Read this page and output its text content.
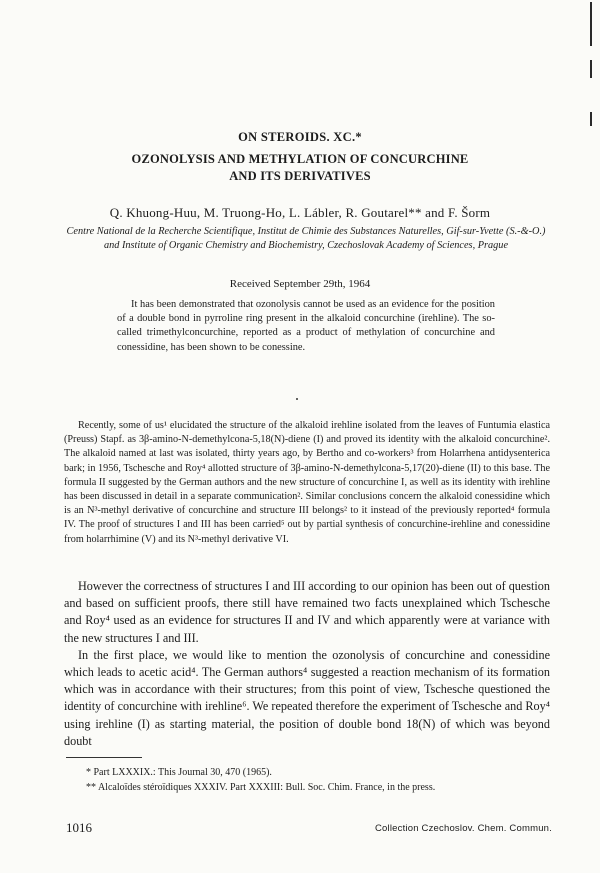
ON STEROIDS. XC.*
OZONOLYSIS AND METHYLATION OF CONCURCHINE
AND ITS DERIVATIVES
Q. Khuong-Huu, M. Truong-Ho, L. Lábler, R. Goutarel** and F. Šorm
Centre National de la Recherche Scientifique, Institut de Chimie des Substances Naturelles, Gif-sur-Yvette (S.-&-O.) and Institute of Organic Chemistry and Biochemistry, Czechoslovak Academy of Sciences, Prague
Received September 29th, 1964

It has been demonstrated that ozonolysis cannot be used as an evidence for the position of a double bond in pyrroline ring present in the alkaloid concurchine (irehline). The so-called trimethylconcurchine, reported as a product of methylation of concurchine and conessidine, has been shown to be conessine.

Recently, some of us¹ elucidated the structure of the alkaloid irehline isolated from the leaves of Funtumia elastica (Preuss) Stapf. as 3β-amino-N-demethylcona-5,18(N)-diene (I) and proved its identity with the alkaloid concurchine². The alkaloid named at last was isolated, thirty years ago, by Bertho and co-workers³ from Holarrhena antidysenterica bark; in 1956, Tschesche and Roy⁴ allotted structure of 3β-amino-N-demethylcona-5,17(20)-diene (II) to this base. The formula II suggested by the German authors and the new structure of concurchine I, as well as its identity with irehline has been discussed in detail in a separate communication². Similar conclusions concern the alkaloid conessidine which is an N³-methyl derivative of concurchine and structure III belongs² to it instead of the previously reported⁴ formula IV. The proof of structures I and III has been carried⁵ out by partial synthesis of concurchine-irehline and conessidine from holarrhimine (V) and its N³-methyl derivative VI.

However the correctness of structures I and III according to our opinion has been out of question and based on sufficient proofs, there still have remained two facts unexplained which Tschesche and Roy⁴ used as an evidence for structures II and IV and which apparently were at variance with the new structures I and III.

In the first place, we would like to mention the ozonolysis of concurchine and conessidine which leads to acetic acid⁴. The German authors⁴ suggested a reaction mechanism of its formation which was in accordance with their structures; from this point of view, Tschesche questioned the identity of concurchine with irehline⁶. We repeated therefore the experiment of Tschesche and Roy⁴ using irehline (I) as starting material, the position of double bond 18(N) of which was beyond doubt

* Part LXXXIX.: This Journal 30, 470 (1965).
** Alcaloïdes stéroïdiques XXXIV. Part XXXIII: Bull. Soc. Chim. France, in the press.
1016	Collection Czechoslov. Chem. Commun.
